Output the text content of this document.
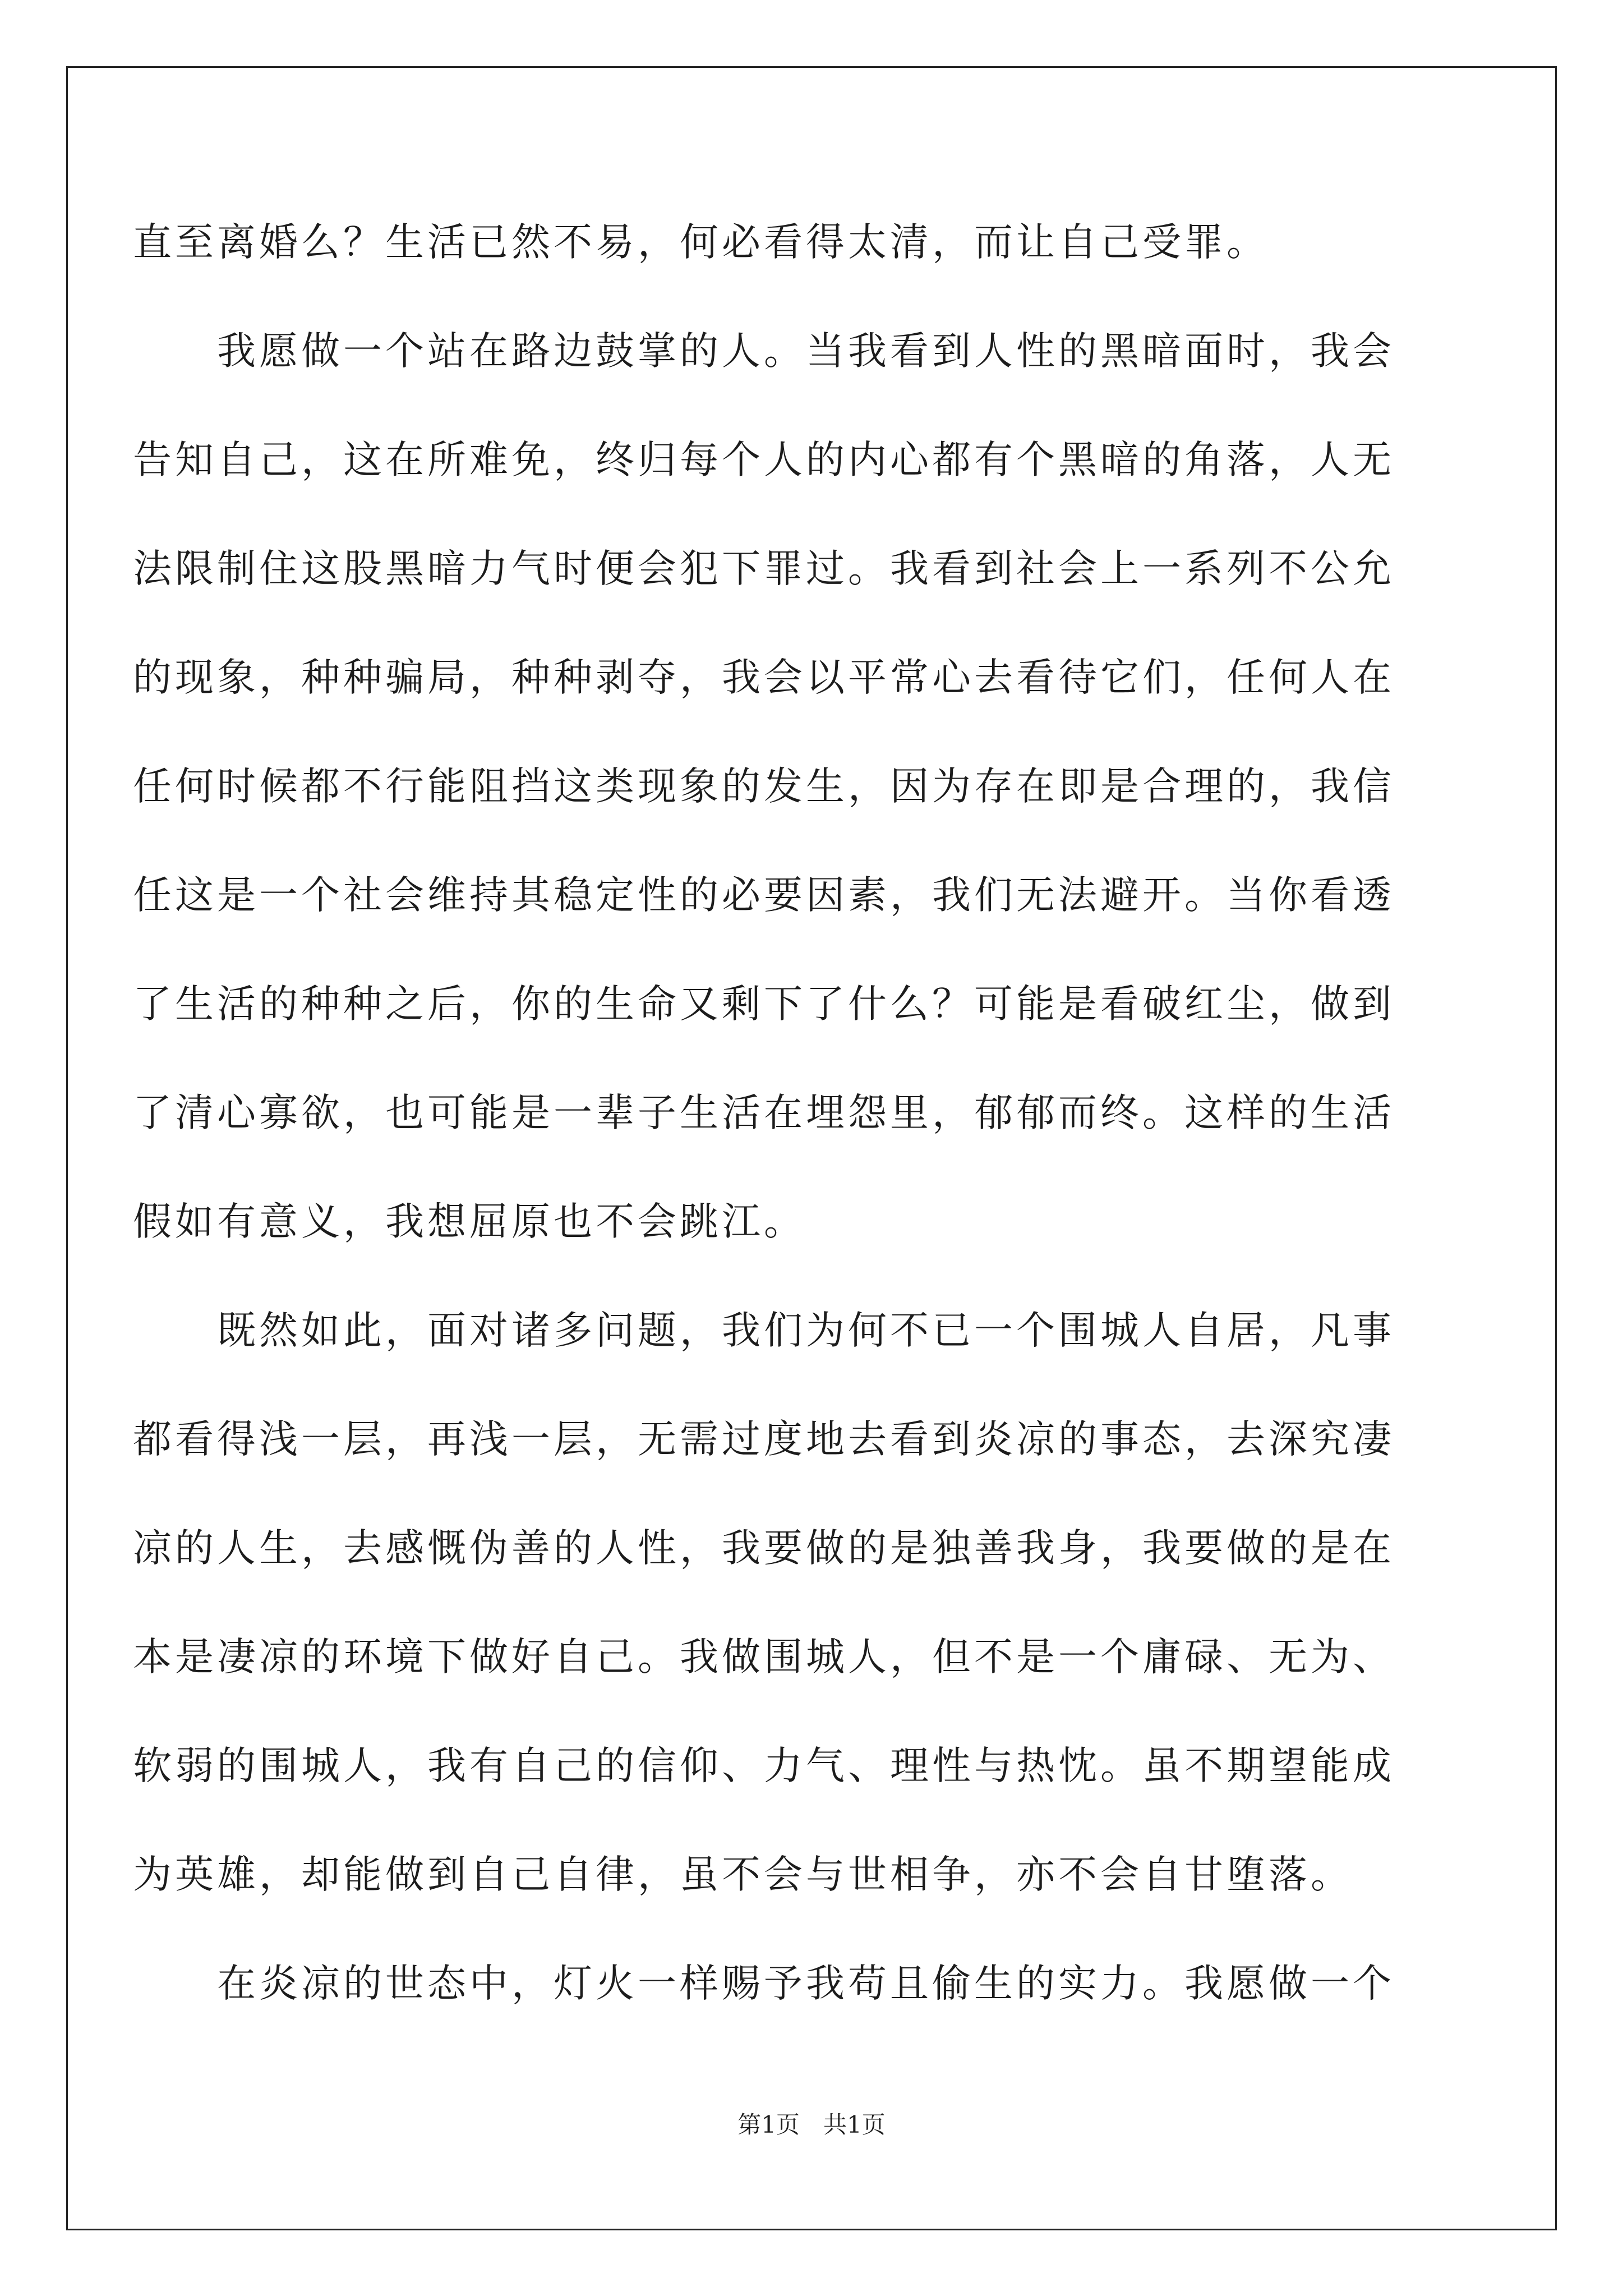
直至离婚么？生活已然不易，何必看得太清，而让自己受罪。
　　我愿做一个站在路边鼓掌的人。当我看到人性的黑暗面时，我会
告知自己，这在所难免，终归每个人的内心都有个黑暗的角落，人无
法限制住这股黑暗力气时便会犯下罪过。我看到社会上一系列不公允
的现象，种种骗局，种种剥夺，我会以平常心去看待它们，任何人在
任何时候都不行能阻挡这类现象的发生，因为存在即是合理的，我信
任这是一个社会维持其稳定性的必要因素，我们无法避开。当你看透
了生活的种种之后，你的生命又剩下了什么？可能是看破红尘，做到
了清心寡欲，也可能是一辈子生活在埋怨里，郁郁而终。这样的生活
假如有意义，我想屈原也不会跳江。
　　既然如此，面对诸多问题，我们为何不已一个围城人自居，凡事
都看得浅一层，再浅一层，无需过度地去看到炎凉的事态，去深究凄
凉的人生，去感慨伪善的人性，我要做的是独善我身，我要做的是在
本是凄凉的环境下做好自己。我做围城人，但不是一个庸碌、无为、
软弱的围城人，我有自己的信仰、力气、理性与热忱。虽不期望能成
为英雄，却能做到自己自律，虽不会与世相争，亦不会自甘堕落。
　　在炎凉的世态中，灯火一样赐予我苟且偷生的实力。我愿做一个
第1页　共1页
